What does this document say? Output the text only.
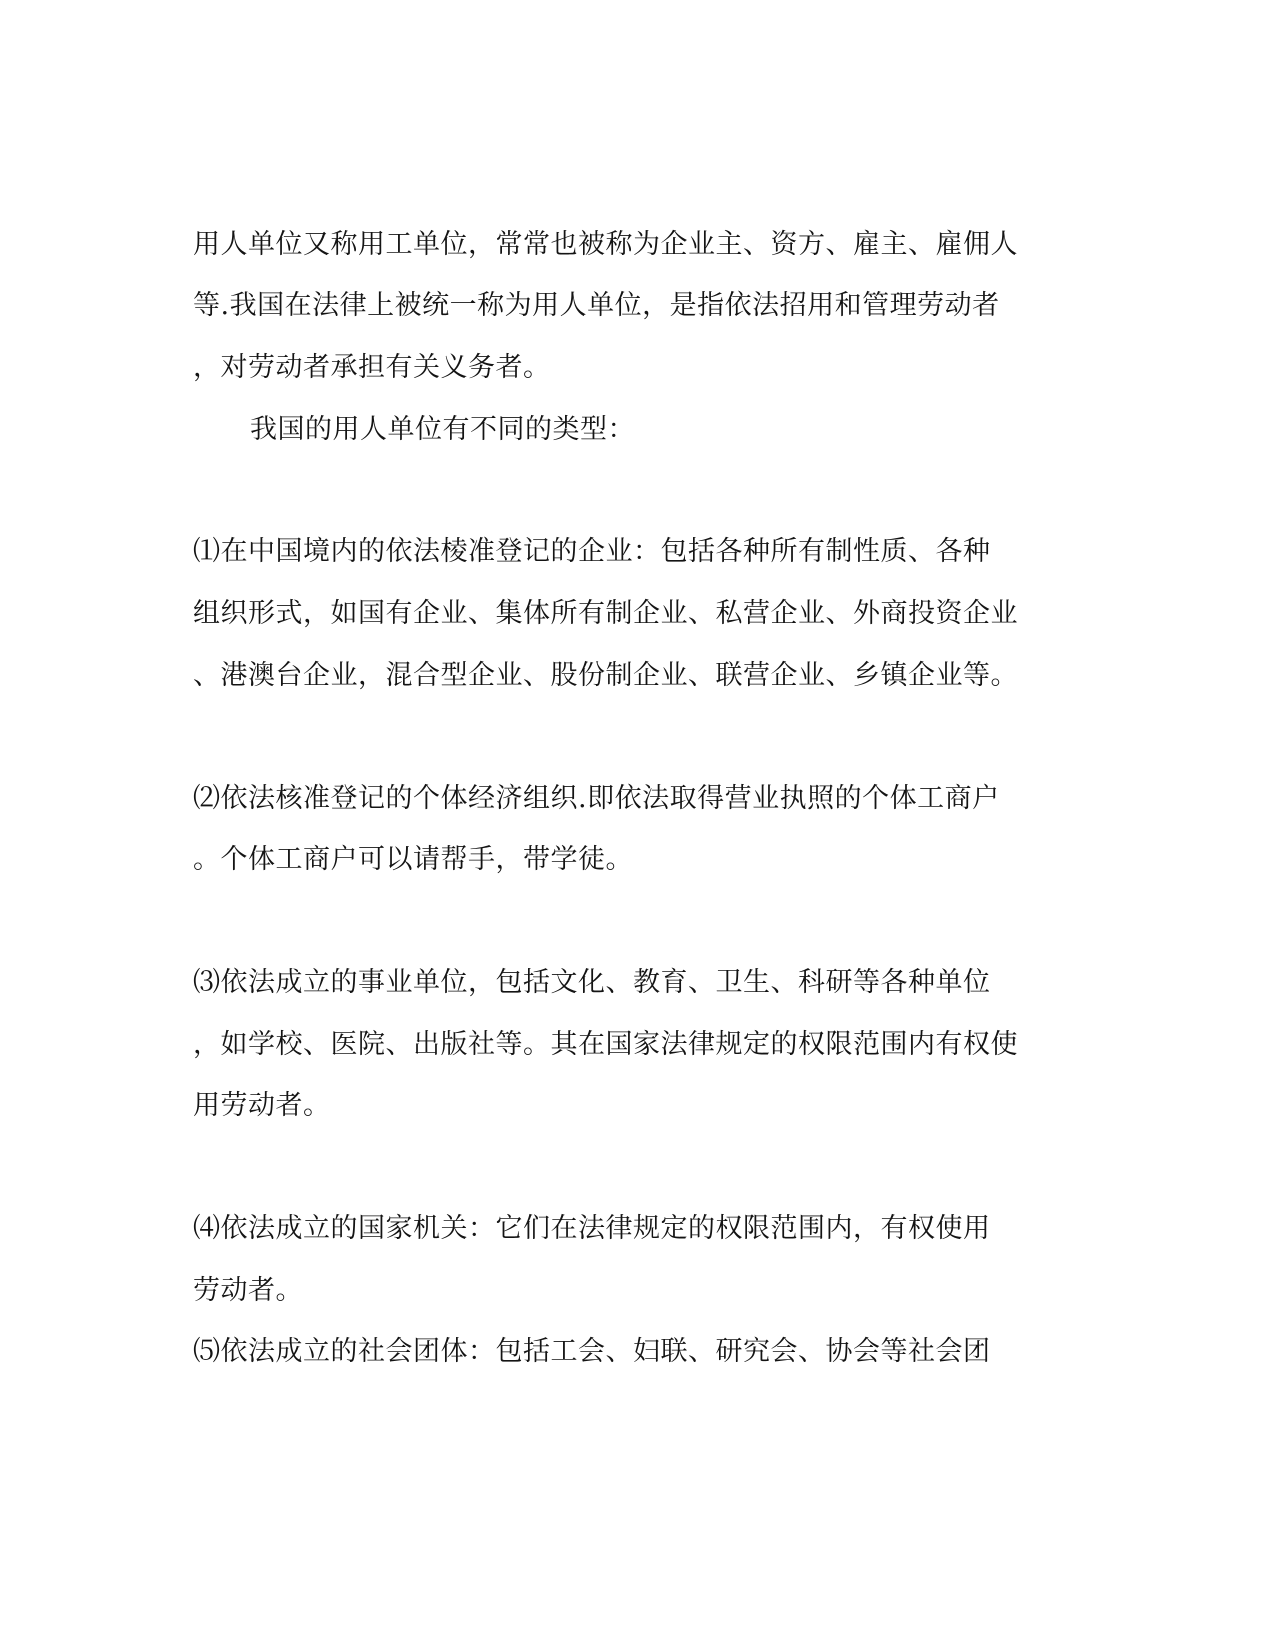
用人单位又称用工单位，常常也被称为企业主、资方、雇主、雇佣人
等.我国在法律上被统一称为用人单位，是指依法招用和管理劳动者
，对劳动者承担有关义务者。
我国的用人单位有不同的类型：
⑴在中国境内的依法棱准登记的企业：包括各种所有制性质、各种
组织形式，如国有企业、集体所有制企业、私营企业、外商投资企业
、港澳台企业，混合型企业、股份制企业、联营企业、乡镇企业等。
⑵依法核准登记的个体经济组织.即依法取得营业执照的个体工商户
。个体工商户可以请帮手，带学徒。
⑶依法成立的事业单位，包括文化、教育、卫生、科研等各种单位
，如学校、医院、出版社等。其在国家法律规定的权限范围内有权使
用劳动者。
⑷依法成立的国家机关：它们在法律规定的权限范围内，有权使用
劳动者。
⑸依法成立的社会团体：包括工会、妇联、研究会、协会等社会团
